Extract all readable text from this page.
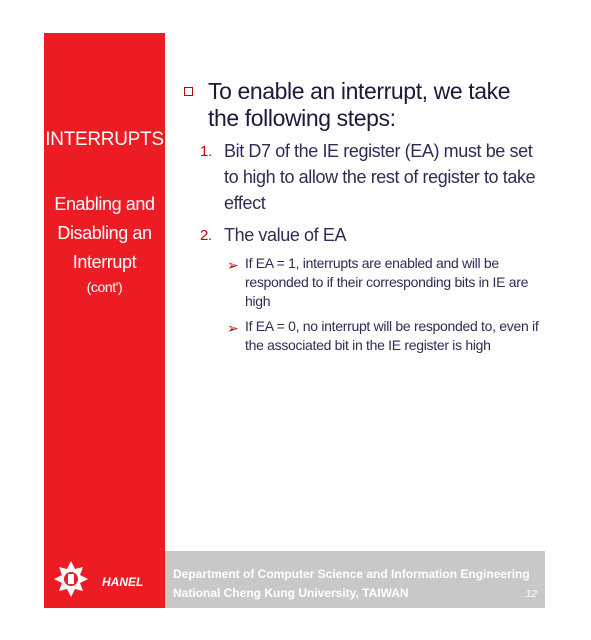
INTERRUPTS
Enabling and
Disabling an
Interrupt
(cont')
To enable an interrupt, we take the following steps:
1. Bit D7 of the IE register (EA) must be set to high to allow the rest of register to take effect
2. The value of EA
➢ If EA = 1, interrupts are enabled and will be responded to if their corresponding bits in IE are high
➢ If EA = 0, no interrupt will be responded to, even if the associated bit in the IE register is high
HANEL
Department of Computer Science and Information Engineering
National Cheng Kung University, TAIWAN	12
